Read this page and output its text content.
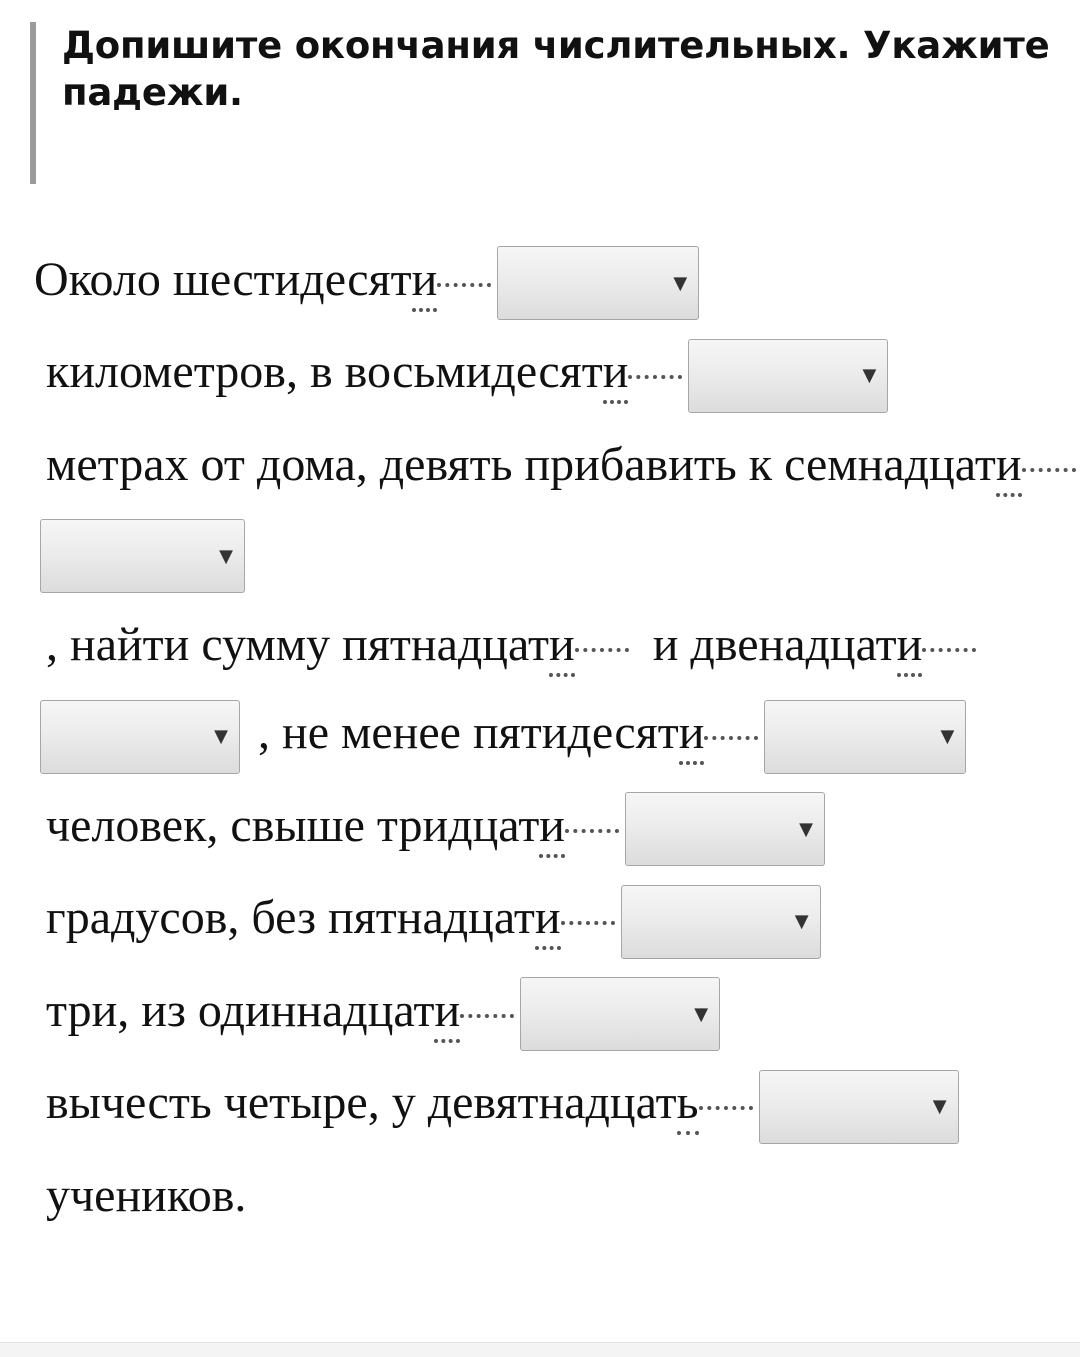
Допишите окончания числительных. Укажите падежи.
Около шестидесяти	▼
километров, в восьмидесяти	▼
метрах от дома, девять прибавить к семнадцати
▼
, найти сумму пятнадцати  и двенадцати
▼ , не менее пятидесяти	▼
человек, свыше тридцати	▼
градусов, без пятнадцати	▼
три, из одиннадцати	▼
вычесть четыре, у девятнадцать	▼
учеников.
